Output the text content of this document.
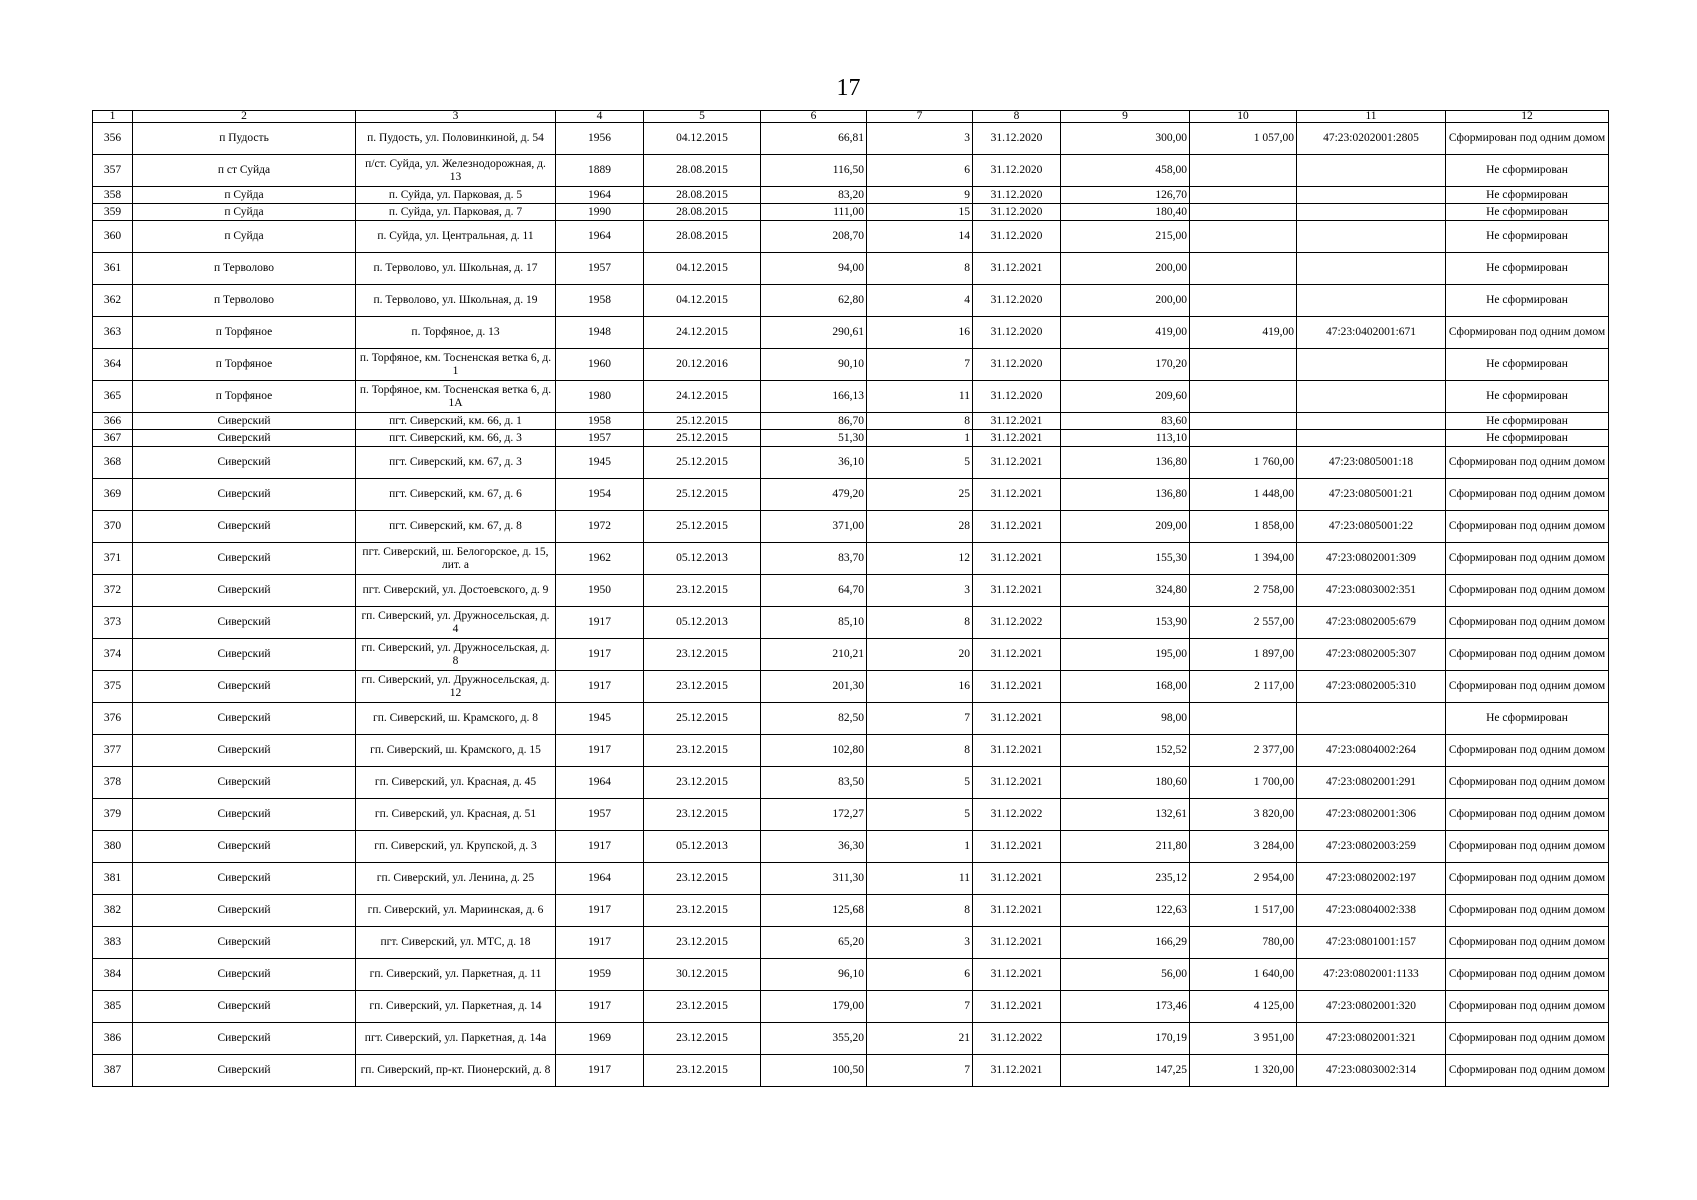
17
1	2	3	4	5	6	7	8	9	10	11	12
356	п Пудость	п. Пудость, ул. Половинкиной, д. 54	1956	04.12.2015	66,81	3	31.12.2020	300,00	1 057,00	47:23:0202001:2805	Сформирован под одним домом
357	п ст Суйда	п/ст. Суйда, ул. Железнодорожная, д. 13	1889	28.08.2015	116,50	6	31.12.2020	458,00			Не сформирован
358	п Суйда	п. Суйда, ул. Парковая, д. 5	1964	28.08.2015	83,20	9	31.12.2020	126,70			Не сформирован
359	п Суйда	п. Суйда, ул. Парковая, д. 7	1990	28.08.2015	111,00	15	31.12.2020	180,40			Не сформирован
360	п Суйда	п. Суйда, ул. Центральная, д. 11	1964	28.08.2015	208,70	14	31.12.2020	215,00			Не сформирован
361	п Терволово	п. Терволово, ул. Школьная, д. 17	1957	04.12.2015	94,00	8	31.12.2021	200,00			Не сформирован
362	п Терволово	п. Терволово, ул. Школьная, д. 19	1958	04.12.2015	62,80	4	31.12.2020	200,00			Не сформирован
363	п Торфяное	п. Торфяное, д. 13	1948	24.12.2015	290,61	16	31.12.2020	419,00	419,00	47:23:0402001:671	Сформирован под одним домом
364	п Торфяное	п. Торфяное, км. Тосненская ветка 6, д. 1	1960	20.12.2016	90,10	7	31.12.2020	170,20			Не сформирован
365	п Торфяное	п. Торфяное, км. Тосненская ветка 6, д. 1А	1980	24.12.2015	166,13	11	31.12.2020	209,60			Не сформирован
366	Сиверский	пгт. Сиверский, км. 66, д. 1	1958	25.12.2015	86,70	8	31.12.2021	83,60			Не сформирован
367	Сиверский	пгт. Сиверский, км. 66, д. 3	1957	25.12.2015	51,30	1	31.12.2021	113,10			Не сформирован
368	Сиверский	пгт. Сиверский, км. 67, д. 3	1945	25.12.2015	36,10	5	31.12.2021	136,80	1 760,00	47:23:0805001:18	Сформирован под одним домом
369	Сиверский	пгт. Сиверский, км. 67, д. 6	1954	25.12.2015	479,20	25	31.12.2021	136,80	1 448,00	47:23:0805001:21	Сформирован под одним домом
370	Сиверский	пгт. Сиверский, км. 67, д. 8	1972	25.12.2015	371,00	28	31.12.2021	209,00	1 858,00	47:23:0805001:22	Сформирован под одним домом
371	Сиверский	пгт. Сиверский, ш. Белогорское, д. 15, лит. а	1962	05.12.2013	83,70	12	31.12.2021	155,30	1 394,00	47:23:0802001:309	Сформирован под одним домом
372	Сиверский	пгт. Сиверский, ул. Достоевского, д. 9	1950	23.12.2015	64,70	3	31.12.2021	324,80	2 758,00	47:23:0803002:351	Сформирован под одним домом
373	Сиверский	гп. Сиверский, ул. Дружносельская, д. 4	1917	05.12.2013	85,10	8	31.12.2022	153,90	2 557,00	47:23:0802005:679	Сформирован под одним домом
374	Сиверский	гп. Сиверский, ул. Дружносельская, д. 8	1917	23.12.2015	210,21	20	31.12.2021	195,00	1 897,00	47:23:0802005:307	Сформирован под одним домом
375	Сиверский	гп. Сиверский, ул. Дружносельская, д. 12	1917	23.12.2015	201,30	16	31.12.2021	168,00	2 117,00	47:23:0802005:310	Сформирован под одним домом
376	Сиверский	гп. Сиверский, ш. Крамского, д. 8	1945	25.12.2015	82,50	7	31.12.2021	98,00			Не сформирован
377	Сиверский	гп. Сиверский, ш. Крамского, д. 15	1917	23.12.2015	102,80	8	31.12.2021	152,52	2 377,00	47:23:0804002:264	Сформирован под одним домом
378	Сиверский	гп. Сиверский, ул. Красная, д. 45	1964	23.12.2015	83,50	5	31.12.2021	180,60	1 700,00	47:23:0802001:291	Сформирован под одним домом
379	Сиверский	гп. Сиверский, ул. Красная, д. 51	1957	23.12.2015	172,27	5	31.12.2022	132,61	3 820,00	47:23:0802001:306	Сформирован под одним домом
380	Сиверский	гп. Сиверский, ул. Крупской, д. 3	1917	05.12.2013	36,30	1	31.12.2021	211,80	3 284,00	47:23:0802003:259	Сформирован под одним домом
381	Сиверский	гп. Сиверский, ул. Ленина, д. 25	1964	23.12.2015	311,30	11	31.12.2021	235,12	2 954,00	47:23:0802002:197	Сформирован под одним домом
382	Сиверский	гп. Сиверский, ул. Мариинская, д. 6	1917	23.12.2015	125,68	8	31.12.2021	122,63	1 517,00	47:23:0804002:338	Сформирован под одним домом
383	Сиверский	пгт. Сиверский, ул. МТС, д. 18	1917	23.12.2015	65,20	3	31.12.2021	166,29	780,00	47:23:0801001:157	Сформирован под одним домом
384	Сиверский	гп. Сиверский, ул. Паркетная, д. 11	1959	30.12.2015	96,10	6	31.12.2021	56,00	1 640,00	47:23:0802001:1133	Сформирован под одним домом
385	Сиверский	гп. Сиверский, ул. Паркетная, д. 14	1917	23.12.2015	179,00	7	31.12.2021	173,46	4 125,00	47:23:0802001:320	Сформирован под одним домом
386	Сиверский	пгт. Сиверский, ул. Паркетная, д. 14а	1969	23.12.2015	355,20	21	31.12.2022	170,19	3 951,00	47:23:0802001:321	Сформирован под одним домом
387	Сиверский	гп. Сиверский, пр-кт. Пионерский, д. 8	1917	23.12.2015	100,50	7	31.12.2021	147,25	1 320,00	47:23:0803002:314	Сформирован под одним домом
